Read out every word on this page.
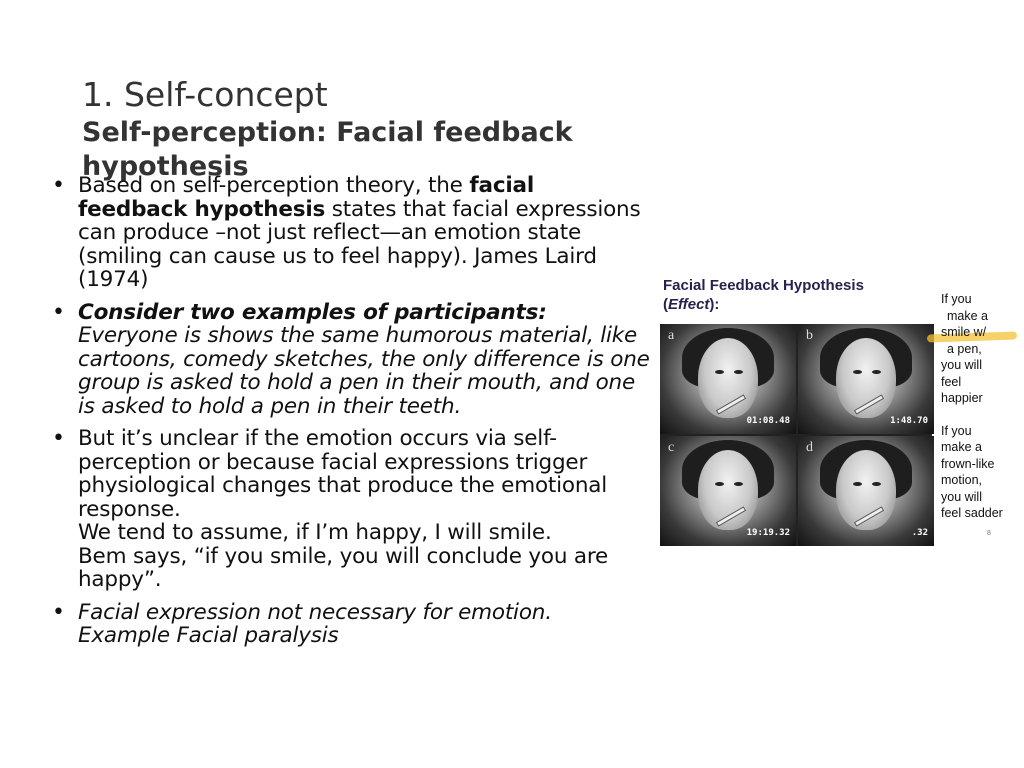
1. Self-concept
Self-perception: Facial feedback hypothesis
• Based on self-perception theory, the facial feedback hypothesis states that facial expressions can produce –not just reflect—an emotion state (smiling can cause us to feel happy). James Laird (1974)
• Consider two examples of participants: Everyone is shows the same humorous material, like cartoons, comedy sketches, the only difference is one group is asked to hold a pen in their mouth, and one is asked to hold a pen in their teeth.
• But it’s unclear if the emotion occurs via self-perception or because facial expressions trigger physiological changes that produce the emotional response.
We tend to assume, if I’m happy, I will smile.
Bem says, “if you smile, you will conclude you are happy”.
• Facial expression not necessary for emotion.
Example Facial paralysis
Facial Feedback Hypothesis
(Effect):
a
01:08.48
b
1:48.70
c
19:19.32
d
.32

If you

make a

smile w/

a pen,

you will

feel

happier

If you

make a

frown-like

motion,

you will

feel sadder

8
